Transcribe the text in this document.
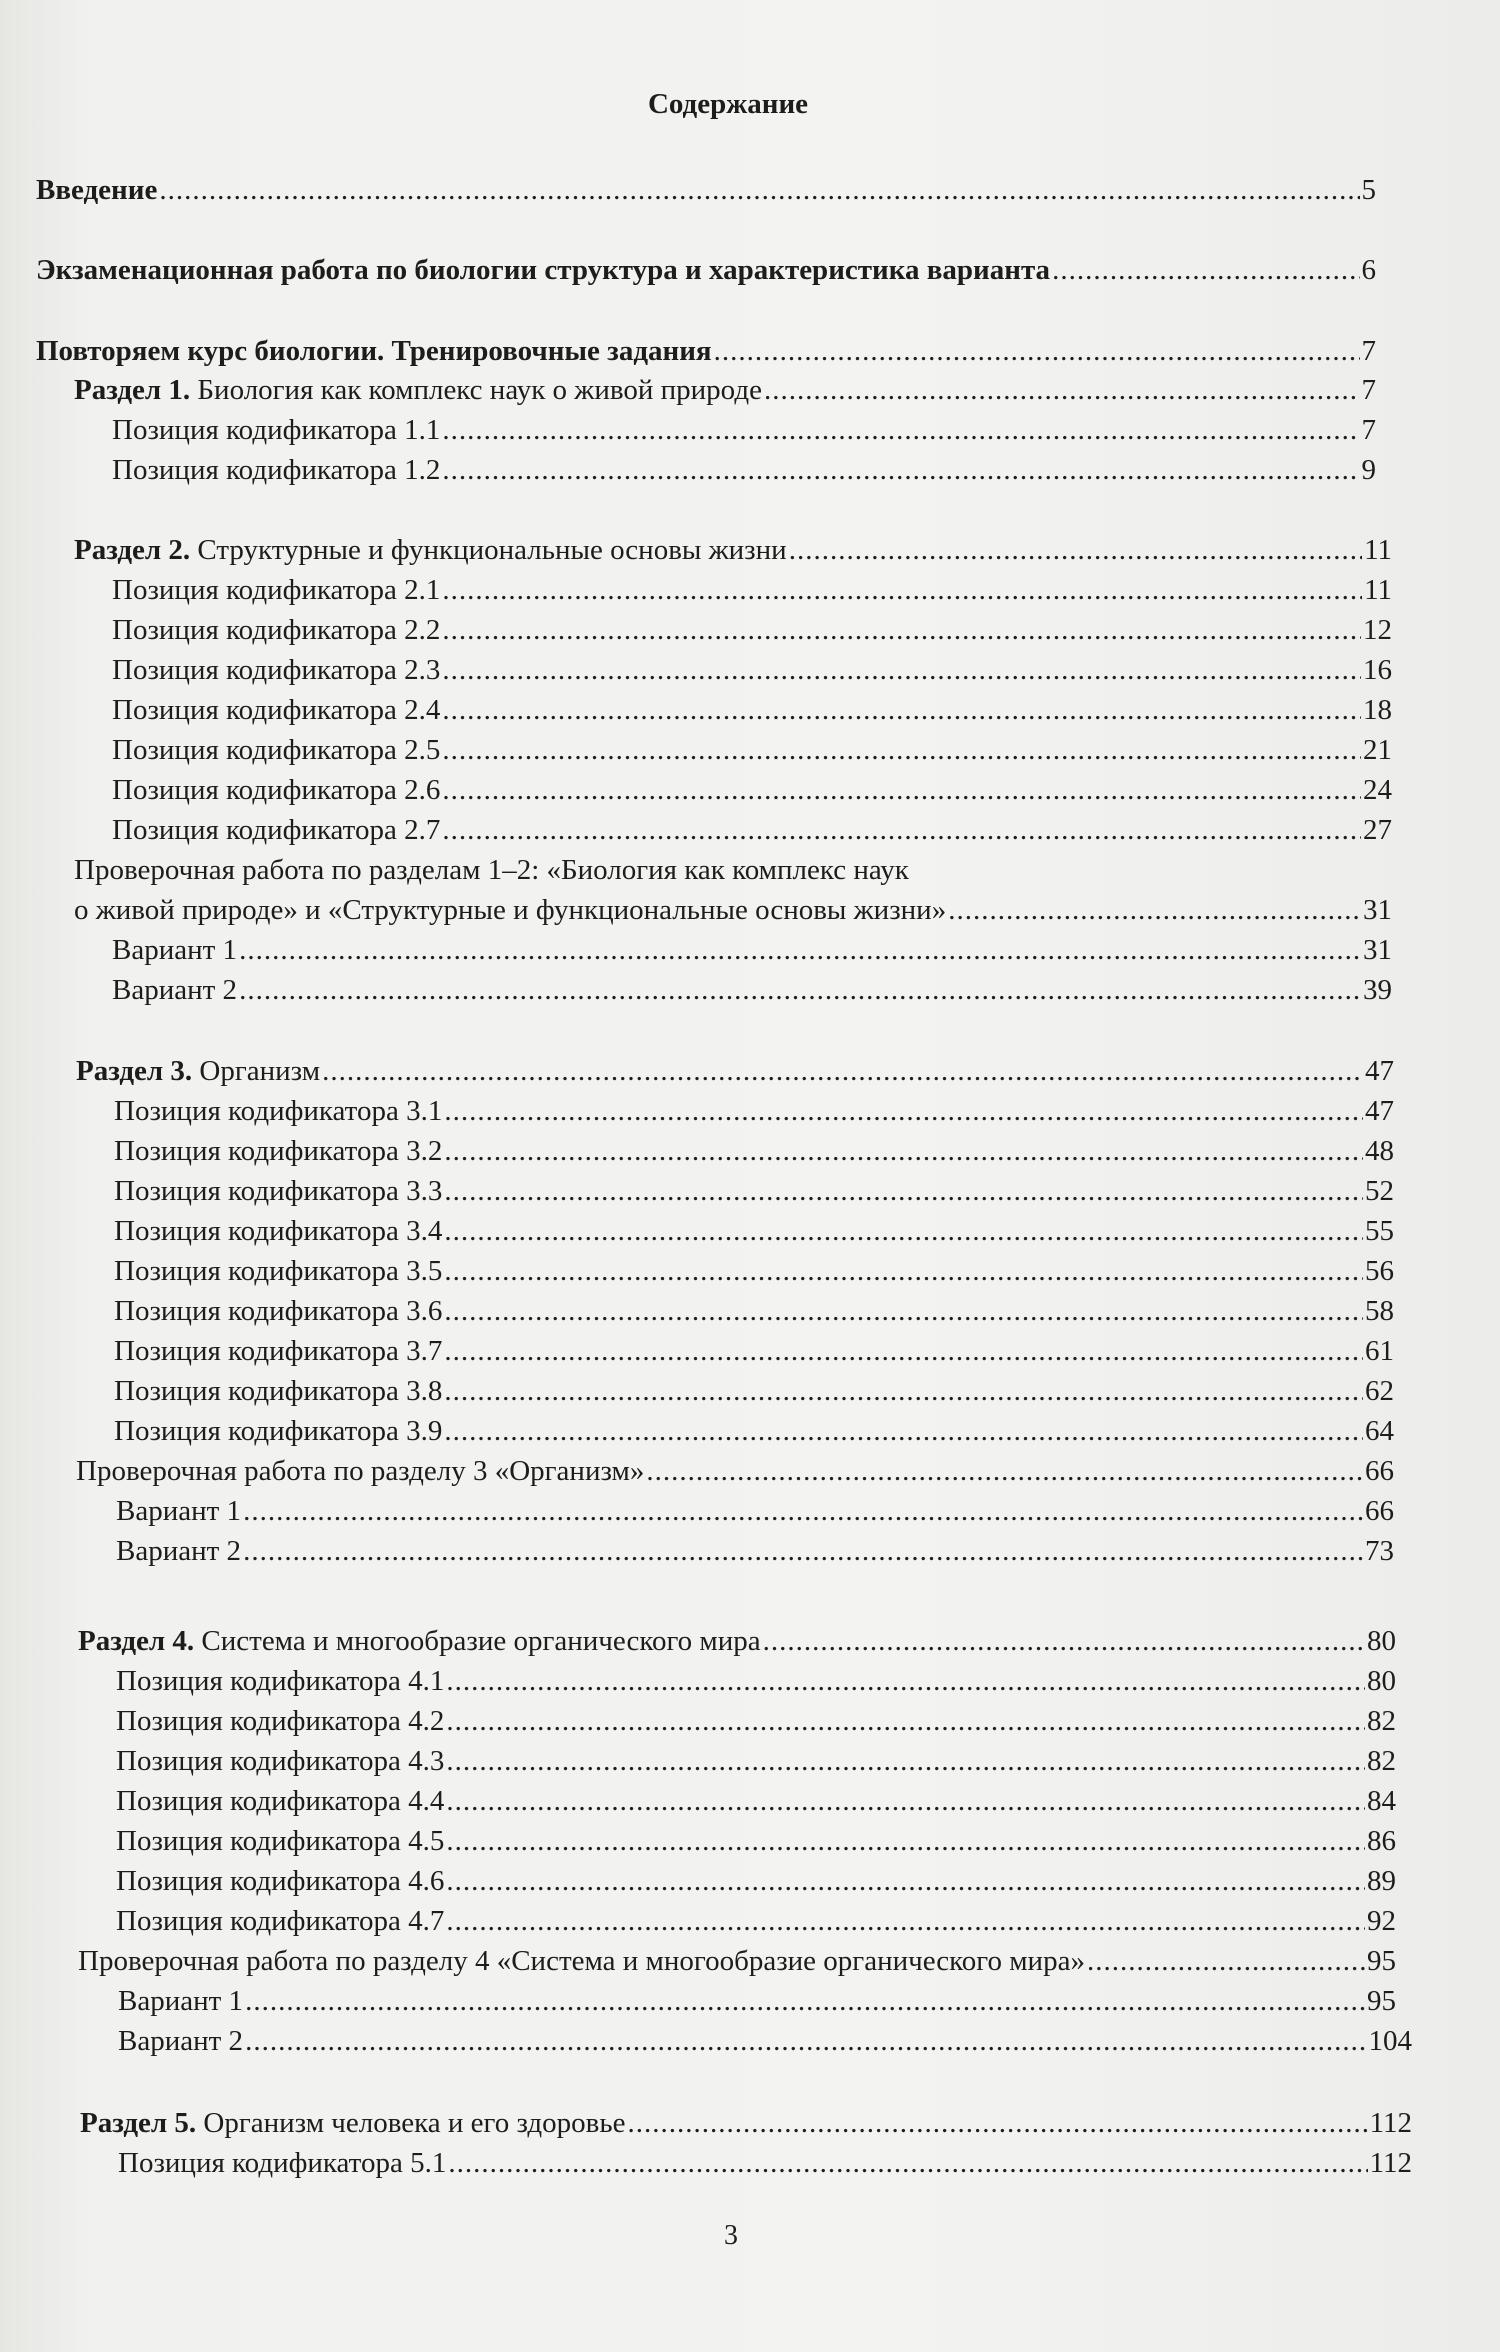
Содержание
Введение .....	5
Экзаменационная работа по биологии структура и характеристика варианта .....	6
Повторяем курс биологии. Тренировочные задания .....	7
Раздел 1. Биология как комплекс наук о живой природе .....	7
Позиция кодификатора 1.1 .....	7
Позиция кодификатора 1.2 .....	9
Раздел 2. Структурные и функциональные основы жизни .....	11
Позиция кодификатора 2.1 .....	11
Позиция кодификатора 2.2 .....	12
Позиция кодификатора 2.3 .....	16
Позиция кодификатора 2.4 .....	18
Позиция кодификатора 2.5 .....	21
Позиция кодификатора 2.6 .....	24
Позиция кодификатора 2.7 .....	27
Проверочная работа по разделам 1–2: «Биология как комплекс наук
о живой природе» и «Структурные и функциональные основы жизни» .....	31
Вариант 1 .....	31
Вариант 2 .....	39
Раздел 3. Организм .....	47
Позиция кодификатора 3.1 .....	47
Позиция кодификатора 3.2 .....	48
Позиция кодификатора 3.3 .....	52
Позиция кодификатора 3.4 .....	55
Позиция кодификатора 3.5 .....	56
Позиция кодификатора 3.6 .....	58
Позиция кодификатора 3.7 .....	61
Позиция кодификатора 3.8 .....	62
Позиция кодификатора 3.9 .....	64
Проверочная работа по разделу 3 «Организм» .....	66
Вариант 1 .....	66
Вариант 2 .....	73
Раздел 4. Система и многообразие органического мира .....	80
Позиция кодификатора 4.1 .....	80
Позиция кодификатора 4.2 .....	82
Позиция кодификатора 4.3 .....	82
Позиция кодификатора 4.4 .....	84
Позиция кодификатора 4.5 .....	86
Позиция кодификатора 4.6 .....	89
Позиция кодификатора 4.7 .....	92
Проверочная работа по разделу 4 «Система и многообразие органического мира» .....	95
Вариант 1 .....	95
Вариант 2 .....	104
Раздел 5. Организм человека и его здоровье .....	112
Позиция кодификатора 5.1 .....	112
3
